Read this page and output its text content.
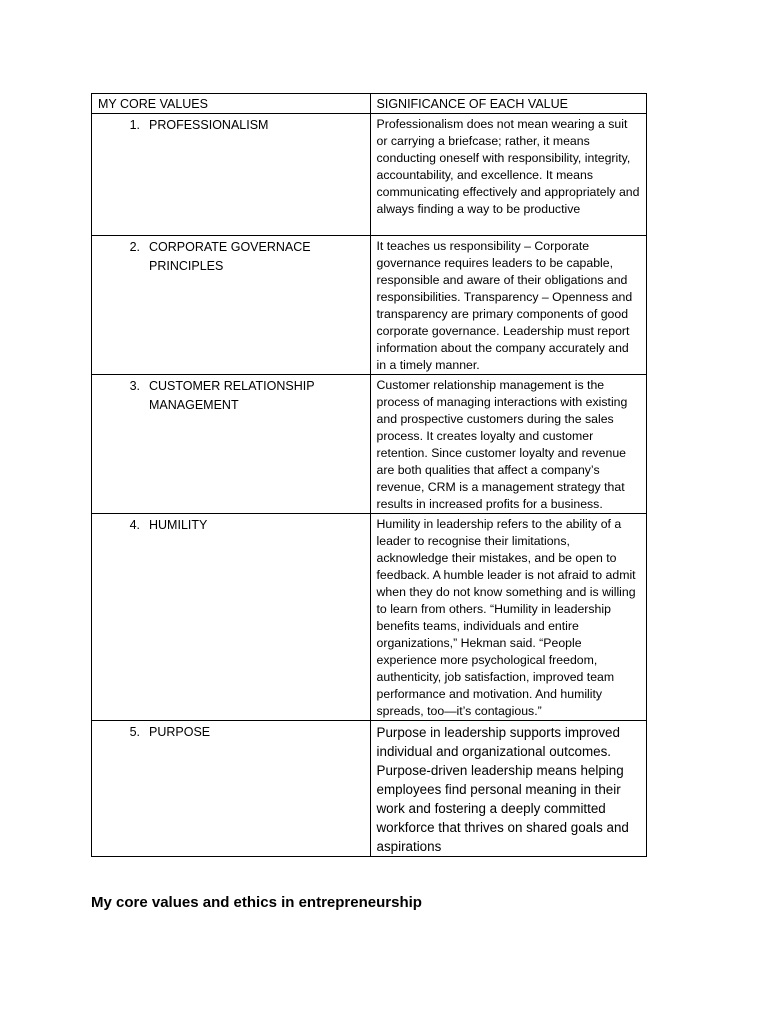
MY CORE VALUES	SIGNIFICANCE OF EACH VALUE

1. PROFESSIONALISM	Professionalism does not mean wearing a suit or carrying a briefcase; rather, it means conducting oneself with responsibility, integrity, accountability, and excellence. It means communicating effectively and appropriately and always finding a way to be productive

2. CORPORATE GOVERNACE PRINCIPLES	It teaches us responsibility – Corporate governance requires leaders to be capable, responsible and aware of their obligations and responsibilities. Transparency – Openness and transparency are primary components of good corporate governance. Leadership must report information about the company accurately and in a timely manner.

3. CUSTOMER RELATIONSHIP MANAGEMENT	Customer relationship management is the process of managing interactions with existing and prospective customers during the sales process. It creates loyalty and customer retention. Since customer loyalty and revenue are both qualities that affect a company’s revenue, CRM is a management strategy that results in increased profits for a business.

4. HUMILITY	Humility in leadership refers to the ability of a leader to recognise their limitations, acknowledge their mistakes, and be open to feedback. A humble leader is not afraid to admit when they do not know something and is willing to learn from others. “Humility in leadership benefits teams, individuals and entire organizations,” Hekman said. “People experience more psychological freedom, authenticity, job satisfaction, improved team performance and motivation. And humility spreads, too—it’s contagious.”

5. PURPOSE	Purpose in leadership supports improved individual and organizational outcomes. Purpose-driven leadership means helping employees find personal meaning in their work and fostering a deeply committed workforce that thrives on shared goals and aspirations
My core values and ethics in entrepreneurship
